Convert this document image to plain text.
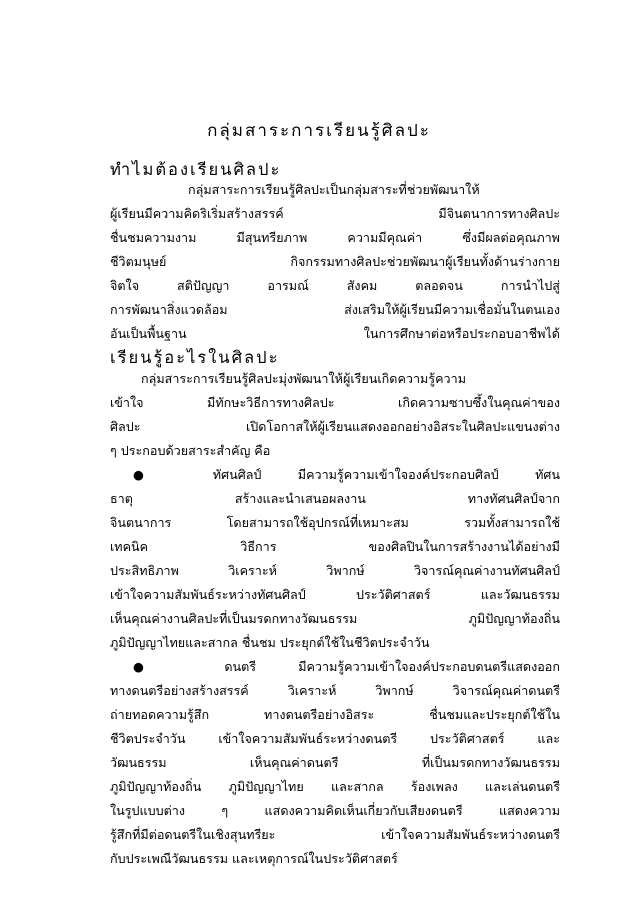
กลุ่มสาระการเรียนรู้ศิลปะ
ทำไมต้องเรียนศิลปะ
กลุ่มสาระการเรียนรู้ศิลปะเป็นกลุ่มสาระที่ช่วยพัฒนาให้
ผู้เรียนมีความคิดริเริ่มสร้างสรรค์ มีจินตนาการทางศิลปะ
ชื่นชมความงาม มีสุนทรียภาพ ความมีคุณค่า ซึ่งมีผลต่อคุณภาพ
ชีวิตมนุษย์ กิจกรรมทางศิลปะช่วยพัฒนาผู้เรียนทั้งด้านร่างกาย
จิตใจ สติปัญญา อารมณ์ สังคม ตลอดจน การนำไปสู่
การพัฒนาสิ่งแวดล้อม ส่งเสริมให้ผู้เรียนมีความเชื่อมั่นในตนเอง
อันเป็นพื้นฐาน ในการศึกษาต่อหรือประกอบอาชีพได้
เรียนรู้อะไรในศิลปะ
กลุ่มสาระการเรียนรู้ศิลปะมุ่งพัฒนาให้ผู้เรียนเกิดความรู้ความ
เข้าใจ มีทักษะวิธีการทางศิลปะ เกิดความซาบซึ้งในคุณค่าของ
ศิลปะ เปิดโอกาสให้ผู้เรียนแสดงออกอย่างอิสระในศิลปะแขนงต่าง
ๆ ประกอบด้วยสาระสำคัญ คือ
● ทัศนศิลป์ มีความรู้ความเข้าใจองค์ประกอบศิลป์ ทัศน
ธาตุ สร้างและนำเสนอผลงาน ทางทัศนศิลป์จาก
จินตนาการ โดยสามารถใช้อุปกรณ์ที่เหมาะสม รวมทั้งสามารถใช้
เทคนิค วิธีการ ของศิลปินในการสร้างงานได้อย่างมี
ประสิทธิภาพ วิเคราะห์ วิพากษ์ วิจารณ์คุณค่างานทัศนศิลป์
เข้าใจความสัมพันธ์ระหว่างทัศนศิลป์ ประวัติศาสตร์ และวัฒนธรรม
เห็นคุณค่างานศิลปะที่เป็นมรดกทางวัฒนธรรม ภูมิปัญญาท้องถิ่น
ภูมิปัญญาไทยและสากล ชื่นชม ประยุกต์ใช้ในชีวิตประจำวัน
● ดนตรี มีความรู้ความเข้าใจองค์ประกอบดนตรีแสดงออก
ทางดนตรีอย่างสร้างสรรค์ วิเคราะห์ วิพากษ์ วิจารณ์คุณค่าดนตรี
ถ่ายทอดความรู้สึก ทางดนตรีอย่างอิสระ ชื่นชมและประยุกต์ใช้ใน
ชีวิตประจำวัน เข้าใจความสัมพันธ์ระหว่างดนตรี ประวัติศาสตร์ และ
วัฒนธรรม เห็นคุณค่าดนตรี ที่เป็นมรดกทางวัฒนธรรม
ภูมิปัญญาท้องถิ่น ภูมิปัญญาไทย และสากล ร้องเพลง และเล่นดนตรี
ในรูปแบบต่าง ๆ แสดงความคิดเห็นเกี่ยวกับเสียงดนตรี แสดงความ
รู้สึกที่มีต่อดนตรีในเชิงสุนทรียะ เข้าใจความสัมพันธ์ระหว่างดนตรี
กับประเพณีวัฒนธรรม และเหตุการณ์ในประวัติศาสตร์
